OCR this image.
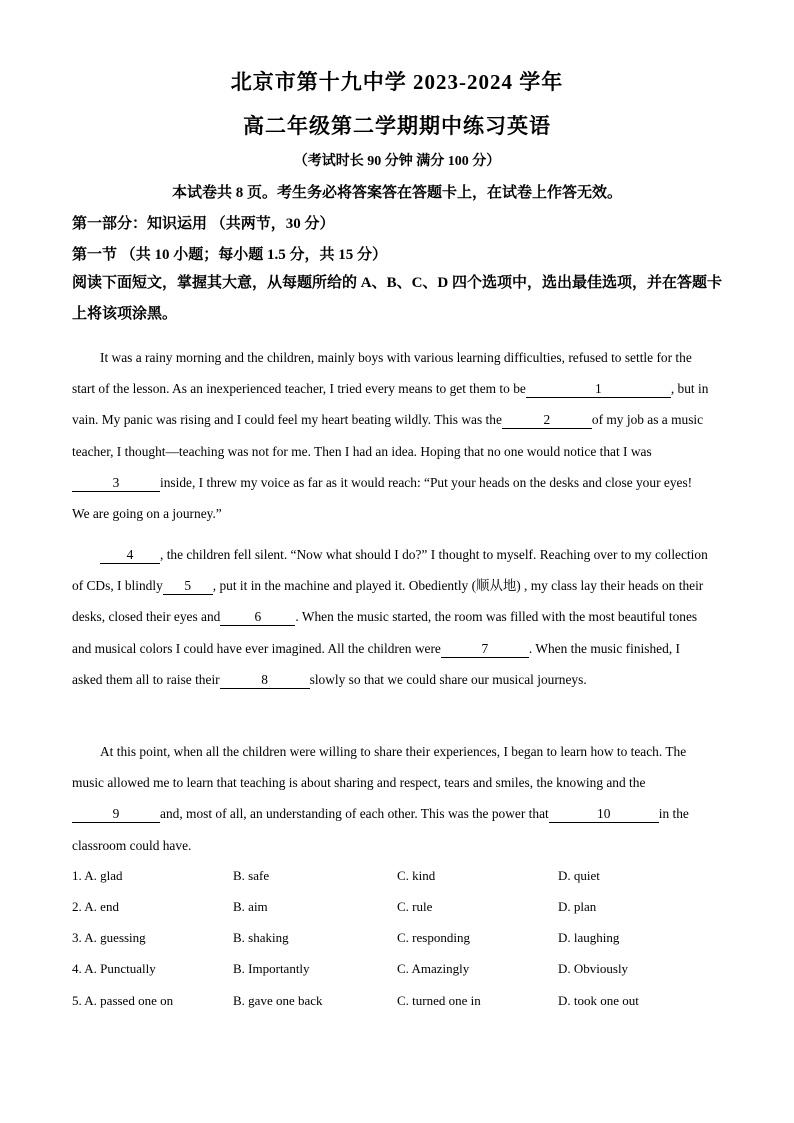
北京市第十九中学 2023-2024 学年
高二年级第二学期期中练习英语
（考试时长 90 分钟 满分 100 分）
本试卷共 8 页。考生务必将答案答在答题卡上，在试卷上作答无效。
第一部分：知识运用 （共两节，30 分）
第一节 （共 10 小题；每小题 1.5 分，共 15 分）
阅读下面短文，掌握其大意，从每题所给的 A、B、C、D 四个选项中，选出最佳选项，并在答题卡上将该项涂黑。
It was a rainy morning and the children, mainly boys with various learning difficulties, refused to settle for the start of the lesson. As an inexperienced teacher, I tried every means to get them to be	1	, but in vain. My panic was rising and I could feel my heart beating wildly. This was the	2	of my job as a music teacher, I thought—teaching was not for me. Then I had an idea. Hoping that no one would notice that I was3	inside, I threw my voice as far as it would reach: “Put your heads on the desks and close your eyes! We are going on a journey.”
4 , the children fell silent. “Now what should I do?” I thought to myself. Reaching over to my collection of CDs, I blindly 5 , put it in the machine and played it. Obediently (顺从地) , my class lay their heads on their desks, closed their eyes and	6	. When the music started, the room was filled with the most beautiful tones and musical colors I could have ever imagined. All the children were	7	. When the music finished, I asked them all to raise their	8	slowly so that we could share our musical journeys.
At this point, when all the children were willing to share their experiences, I began to learn how to teach. The music allowed me to learn that teaching is about sharing and respect, tears and smiles, the knowing and the9	and, most of all, an understanding of each other. This was the power that	10	in the classroom could have.
1. A. glad	B. safe	C. kind	D. quiet
2. A. end	B. aim	C. rule	D. plan
3. A. guessing	B. shaking	C. responding	D. laughing
4. A. Punctually	B. Importantly	C. Amazingly	D. Obviously
5. A. passed one on	B. gave one back	C. turned one in	D. took one out
